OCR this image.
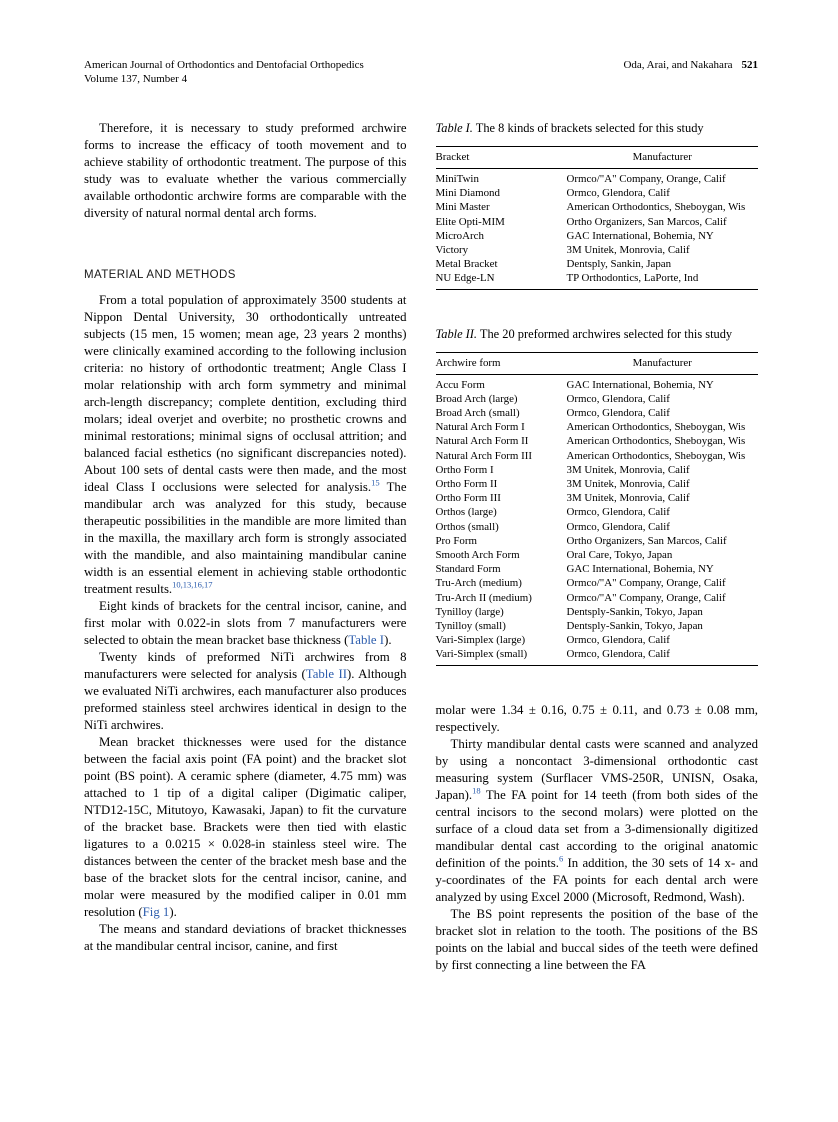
American Journal of Orthodontics and Dentofacial Orthopedics
Volume 137, Number 4
Oda, Arai, and Nakahara 521

Therefore, it is necessary to study preformed archwire forms to increase the efficacy of tooth movement and to achieve stability of orthodontic treatment. The purpose of this study was to evaluate whether the various commercially available orthodontic archwire forms are comparable with the diversity of natural normal dental arch forms.

MATERIAL AND METHODS

From a total population of approximately 3500 students at Nippon Dental University, 30 orthodontically untreated subjects (15 men, 15 women; mean age, 23 years 2 months) were clinically examined according to the following inclusion criteria: no history of orthodontic treatment; Angle Class I molar relationship with arch form symmetry and minimal arch-length discrepancy; complete dentition, excluding third molars; ideal overjet and overbite; no prosthetic crowns and minimal restorations; minimal signs of occlusal attrition; and balanced facial esthetics (no significant discrepancies noted). About 100 sets of dental casts were then made, and the most ideal Class I occlusions were selected for analysis.$^{15}$ The mandibular arch was analyzed for this study, because therapeutic possibilities in the mandible are more limited than in the maxilla, the maxillary arch form is strongly associated with the mandible, and also maintaining mandibular canine width is an essential element in achieving stable orthodontic treatment results.$^{10,13,16,17}$

Eight kinds of brackets for the central incisor, canine, and first molar with 0.022-in slots from 7 manufacturers were selected to obtain the mean bracket base thickness (Table I).

Twenty kinds of preformed NiTi archwires from 8 manufacturers were selected for analysis (Table II). Although we evaluated NiTi archwires, each manufacturer also produces preformed stainless steel archwires identical in design to the NiTi archwires.

Mean bracket thicknesses were used for the distance between the facial axis point (FA point) and the bracket slot point (BS point). A ceramic sphere (diameter, 4.75 mm) was attached to 1 tip of a digital caliper (Digimatic caliper, NTD12-15C, Mitutoyo, Kawasaki, Japan) to fit the curvature of the bracket base. Brackets were then tied with elastic ligatures to a 0.0215 × 0.028-in stainless steel wire. The distances between the center of the bracket mesh base and the base of the bracket slots for the central incisor, canine, and molar were measured by the modified caliper in 0.01 mm resolution (Fig 1).

The means and standard deviations of bracket thicknesses at the mandibular central incisor, canine, and first

Table I. The 8 kinds of brackets selected for this study

Bracket	Manufacturer
MiniTwin	Ormco/"A" Company, Orange, Calif
Mini Diamond	Ormco, Glendora, Calif
Mini Master	American Orthodontics, Sheboygan, Wis
Elite Opti-MIM	Ortho Organizers, San Marcos, Calif
MicroArch	GAC International, Bohemia, NY
Victory	3M Unitek, Monrovia, Calif
Metal Bracket	Dentsply, Sankin, Japan
NU Edge-LN	TP Orthodontics, LaPorte, Ind

Table II. The 20 preformed archwires selected for this study

Archwire form	Manufacturer
Accu Form	GAC International, Bohemia, NY
Broad Arch (large)	Ormco, Glendora, Calif
Broad Arch (small)	Ormco, Glendora, Calif
Natural Arch Form I	American Orthodontics, Sheboygan, Wis
Natural Arch Form II	American Orthodontics, Sheboygan, Wis
Natural Arch Form III	American Orthodontics, Sheboygan, Wis
Ortho Form I	3M Unitek, Monrovia, Calif
Ortho Form II	3M Unitek, Monrovia, Calif
Ortho Form III	3M Unitek, Monrovia, Calif
Orthos (large)	Ormco, Glendora, Calif
Orthos (small)	Ormco, Glendora, Calif
Pro Form	Ortho Organizers, San Marcos, Calif
Smooth Arch Form	Oral Care, Tokyo, Japan
Standard Form	GAC International, Bohemia, NY
Tru-Arch (medium)	Ormco/"A" Company, Orange, Calif
Tru-Arch II (medium)	Ormco/"A" Company, Orange, Calif
Tynilloy (large)	Dentsply-Sankin, Tokyo, Japan
Tynilloy (small)	Dentsply-Sankin, Tokyo, Japan
Vari-Simplex (large)	Ormco, Glendora, Calif
Vari-Simplex (small)	Ormco, Glendora, Calif

molar were 1.34 ± 0.16, 0.75 ± 0.11, and 0.73 ± 0.08 mm, respectively.

Thirty mandibular dental casts were scanned and analyzed by using a noncontact 3-dimensional orthodontic cast measuring system (Surflacer VMS-250R, UNISN, Osaka, Japan).$^{18}$ The FA point for 14 teeth (from both sides of the central incisors to the second molars) were plotted on the surface of a cloud data set from a 3-dimensionally digitized mandibular dental cast according to the original anatomic definition of the points.$^6$ In addition, the 30 sets of 14 x- and y-coordinates of the FA points for each dental arch were analyzed by using Excel 2000 (Microsoft, Redmond, Wash).

The BS point represents the position of the base of the bracket slot in relation to the tooth. The positions of the BS points on the labial and buccal sides of the teeth were defined by first connecting a line between the FA
